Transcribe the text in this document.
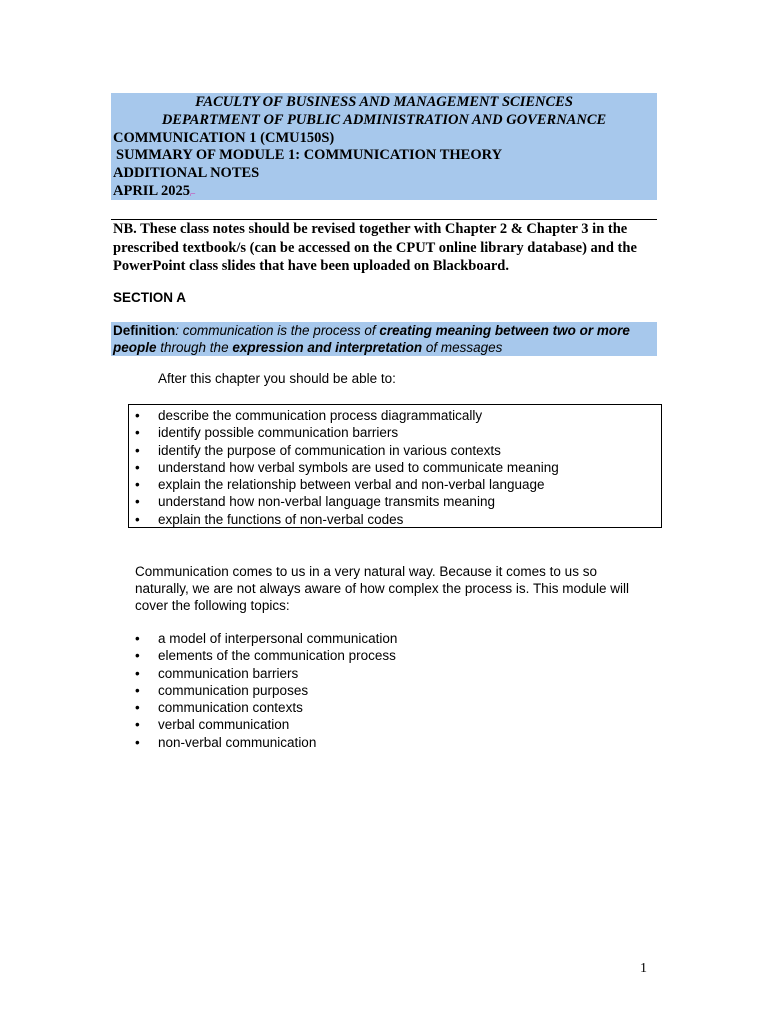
FACULTY OF BUSINESS AND MANAGEMENT SCIENCES
DEPARTMENT OF PUBLIC ADMINISTRATION AND GOVERNANCE
COMMUNICATION 1 (CMU150S)
SUMMARY OF MODULE 1: COMMUNICATION THEORY
ADDITIONAL NOTES
APRIL 2025⌐
NB. These class notes should be revised together with Chapter 2 & Chapter 3 in the prescribed textbook/s (can be accessed on the CPUT online library database) and the PowerPoint class slides that have been uploaded on Blackboard.
SECTION A
Definition: communication is the process of creating meaning between two or more people through the expression and interpretation of messages
After this chapter you should be able to:
• describe the communication process diagrammatically
• identify possible communication barriers
• identify the purpose of communication in various contexts
• understand how verbal symbols are used to communicate meaning
• explain the relationship between verbal and non-verbal language
• understand how non-verbal language transmits meaning
• explain the functions of non-verbal codes
Communication comes to us in a very natural way. Because it comes to us so naturally, we are not always aware of how complex the process is. This module will cover the following topics:
• a model of interpersonal communication
• elements of the communication process
• communication barriers
• communication purposes
• communication contexts
• verbal communication
• non-verbal communication
1
